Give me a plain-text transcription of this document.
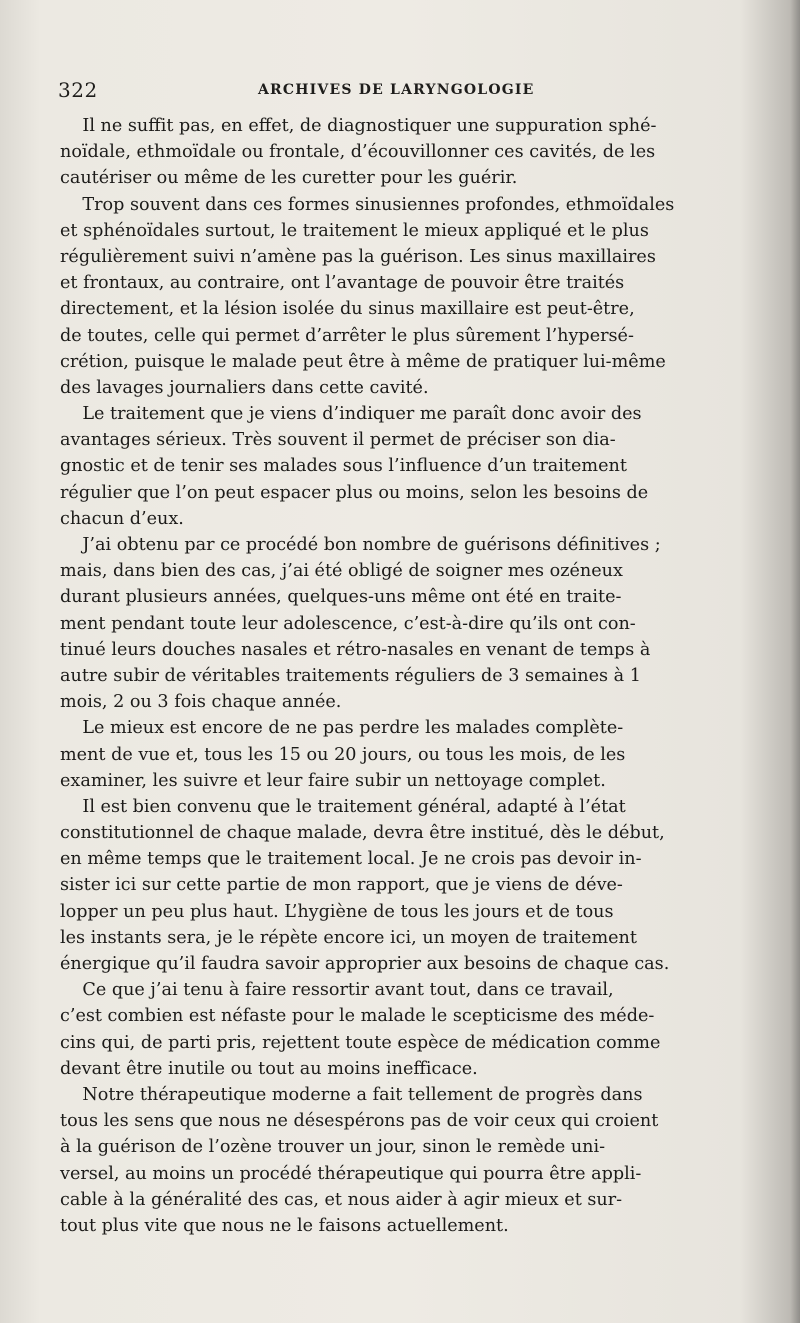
322	ARCHIVES DE LARYNGOLOGIE
Il ne suffit pas, en effet, de diagnostiquer une suppuration sphé-
noïdale, ethmoïdale ou frontale, d’écouvillonner ces cavités, de les
cautériser ou même de les curetter pour les guérir.
Trop souvent dans ces formes sinusiennes profondes, ethmoïdales
et sphénoïdales surtout, le traitement le mieux appliqué et le plus
régulièrement suivi n’amène pas la guérison. Les sinus maxillaires
et frontaux, au contraire, ont l’avantage de pouvoir être traités
directement, et la lésion isolée du sinus maxillaire est peut-être,
de toutes, celle qui permet d’arrêter le plus sûrement l’hypersé-
crétion, puisque le malade peut être à même de pratiquer lui-même
des lavages journaliers dans cette cavité.
Le traitement que je viens d’indiquer me paraît donc avoir des
avantages sérieux. Très souvent il permet de préciser son dia-
gnostic et de tenir ses malades sous l’influence d’un traitement
régulier que l’on peut espacer plus ou moins, selon les besoins de
chacun d’eux.
J’ai obtenu par ce procédé bon nombre de guérisons définitives ;
mais, dans bien des cas, j’ai été obligé de soigner mes ozéneux
durant plusieurs années, quelques-uns même ont été en traite-
ment pendant toute leur adolescence, c’est-à-dire qu’ils ont con-
tinué leurs douches nasales et rétro-nasales en venant de temps à
autre subir de véritables traitements réguliers de 3 semaines à 1
mois, 2 ou 3 fois chaque année.
Le mieux est encore de ne pas perdre les malades complète-
ment de vue et, tous les 15 ou 20 jours, ou tous les mois, de les
examiner, les suivre et leur faire subir un nettoyage complet.
Il est bien convenu que le traitement général, adapté à l’état
constitutionnel de chaque malade, devra être institué, dès le début,
en même temps que le traitement local. Je ne crois pas devoir in-
sister ici sur cette partie de mon rapport, que je viens de déve-
lopper un peu plus haut. L’hygiène de tous les jours et de tous
les instants sera, je le répète encore ici, un moyen de traitement
énergique qu’il faudra savoir approprier aux besoins de chaque cas.
Ce que j’ai tenu à faire ressortir avant tout, dans ce travail,
c’est combien est néfaste pour le malade le scepticisme des méde-
cins qui, de parti pris, rejettent toute espèce de médication comme
devant être inutile ou tout au moins inefficace.
Notre thérapeutique moderne a fait tellement de progrès dans
tous les sens que nous ne désespérons pas de voir ceux qui croient
à la guérison de l’ozène trouver un jour, sinon le remède uni-
versel, au moins un procédé thérapeutique qui pourra être appli-
cable à la généralité des cas, et nous aider à agir mieux et sur-
tout plus vite que nous ne le faisons actuellement.
